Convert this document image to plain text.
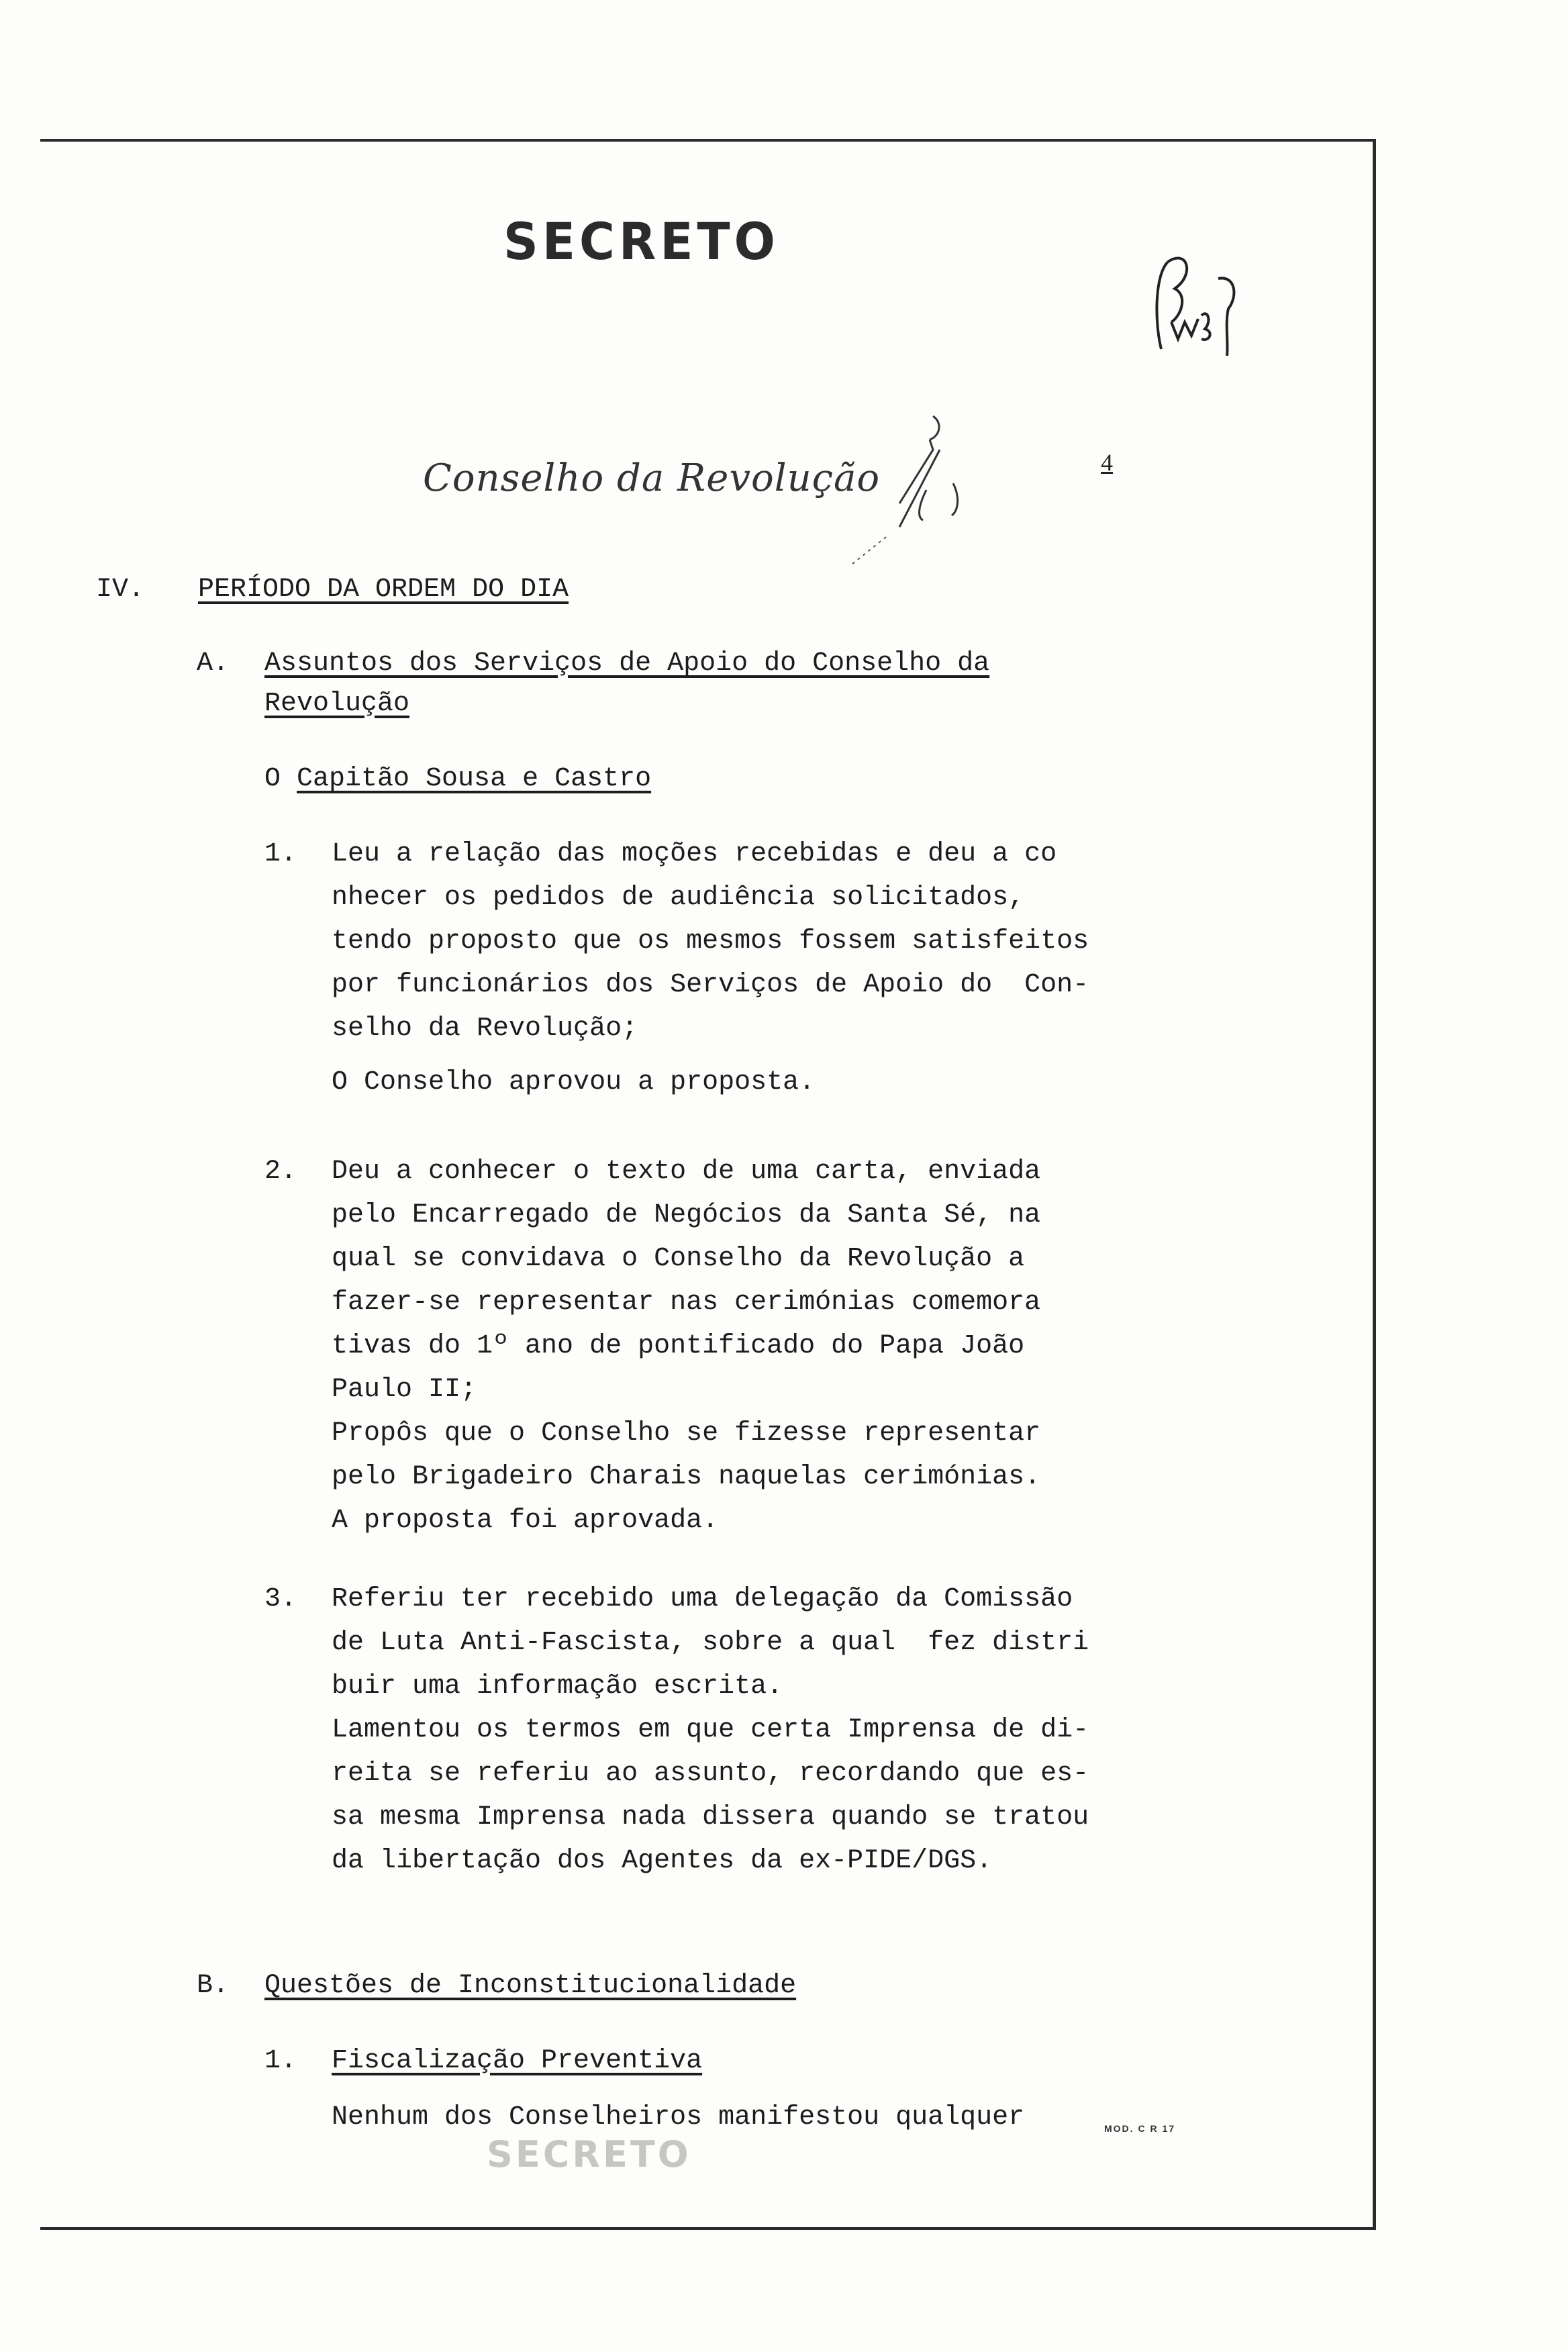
SECRETO
Conselho da Revolução	4
IV. PERÍODO DA ORDEM DO DIA
A. Assuntos dos Serviços de Apoio do Conselho da
Revolução
O Capitão Sousa e Castro
1. Leu a relação das moções recebidas e deu a co
nhecer os pedidos de audiência solicitados,
tendo proposto que os mesmos fossem satisfeitos
por funcionários dos Serviços de Apoio do  Con-
selho da Revolução;
O Conselho aprovou a proposta.
2. Deu a conhecer o texto de uma carta, enviada
pelo Encarregado de Negócios da Santa Sé, na
qual se convidava o Conselho da Revolução a
fazer-se representar nas cerimónias comemora
tivas do 1º ano de pontificado do Papa João
Paulo II;
Propôs que o Conselho se fizesse representar
pelo Brigadeiro Charais naquelas cerimónias.
A proposta foi aprovada.
3. Referiu ter recebido uma delegação da Comissão
de Luta Anti-Fascista, sobre a qual  fez distri
buir uma informação escrita.
Lamentou os termos em que certa Imprensa de di-
reita se referiu ao assunto, recordando que es-
sa mesma Imprensa nada dissera quando se tratou
da libertação dos Agentes da ex-PIDE/DGS.
B. Questões de Inconstitucionalidade
1. Fiscalização Preventiva
Nenhum dos Conselheiros manifestou qualquer	MOD. C R 17
SECRETO
